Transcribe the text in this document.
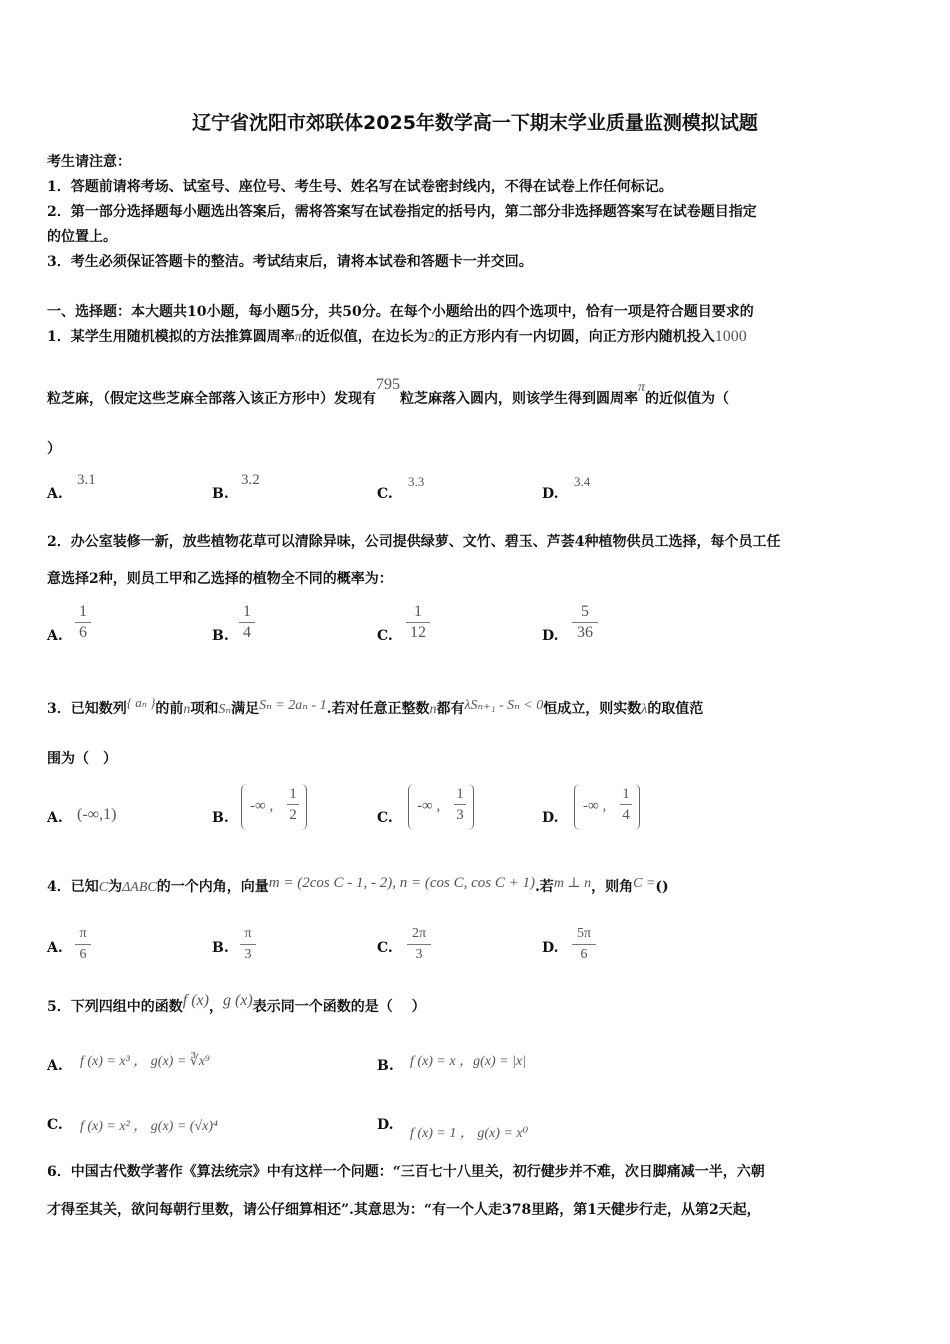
辽宁省沈阳市郊联体2025年数学高一下期末学业质量监测模拟试题
考生请注意：
1．答题前请将考场、试室号、座位号、考生号、姓名写在试卷密封线内，不得在试卷上作任何标记。
2．第一部分选择题每小题选出答案后，需将答案写在试卷指定的括号内，第二部分非选择题答案写在试卷题目指定
的位置上。
3．考生必须保证答题卡的整洁。考试结束后，请将本试卷和答题卡一并交回。
一、选择题：本大题共10小题，每小题5分，共50分。在每个小题给出的四个选项中，恰有一项是符合题目要求的
1．某学生用随机模拟的方法推算圆周率π的近似值，在边长为2的正方形内有一内切圆，向正方形内随机投入1000
粒芝麻，（假定这些芝麻全部落入该正方形中）发现有795粒芝麻落入圆内，则该学生得到圆周率π的近似值为（
）
A.
3.1
B.
3.2
C.
3.3
D.
3.4
2．办公室装修一新，放些植物花草可以清除异味，公司提供绿萝、文竹、碧玉、芦荟4种植物供员工选择，每个员工任
意选择2种，则员工甲和乙选择的植物全不同的概率为：
A.
1
6	B.
1
4	C.
1
12	D.
5
36
3．已知数列{ aₙ }的前n项和Sₙ满足Sₙ = 2aₙ - 1.若对任意正整数n都有λSₙ₊₁ - Sₙ < 0恒成立，则实数λ的取值范
围为（　）
A. (-∞,1)	B.
-∞ ,
1
2	C.
-∞ ,
1
3	D.
-∞ ,
1
4
4．已知C为ΔABC的一个内角，向量m = (2cos C - 1, - 2), n = (cos C, cos C + 1).若m ⊥ n，则角C =()
A.
π
6	B.
π
3	C.
2π
3	D.
5π
6
5．下列四组中的函数f (x)，g (x)表示同一个函数的是（　 ）
A. f (x) = x³ ， g(x) = ∛x⁹	B. f (x) = x ，g(x) = |x|
C. f (x) = x² ， g(x) = (√x)⁴	D.
f (x) = 1 ， g(x) = x⁰
6．中国古代数学著作《算法统宗》中有这样一个问题：“三百七十八里关，初行健步并不难，次日脚痛减一半，六朝
才得至其关，欲问每朝行里数，请公仔细算相还”.其意思为：“有一个人走378里路，第1天健步行走，从第2天起，
